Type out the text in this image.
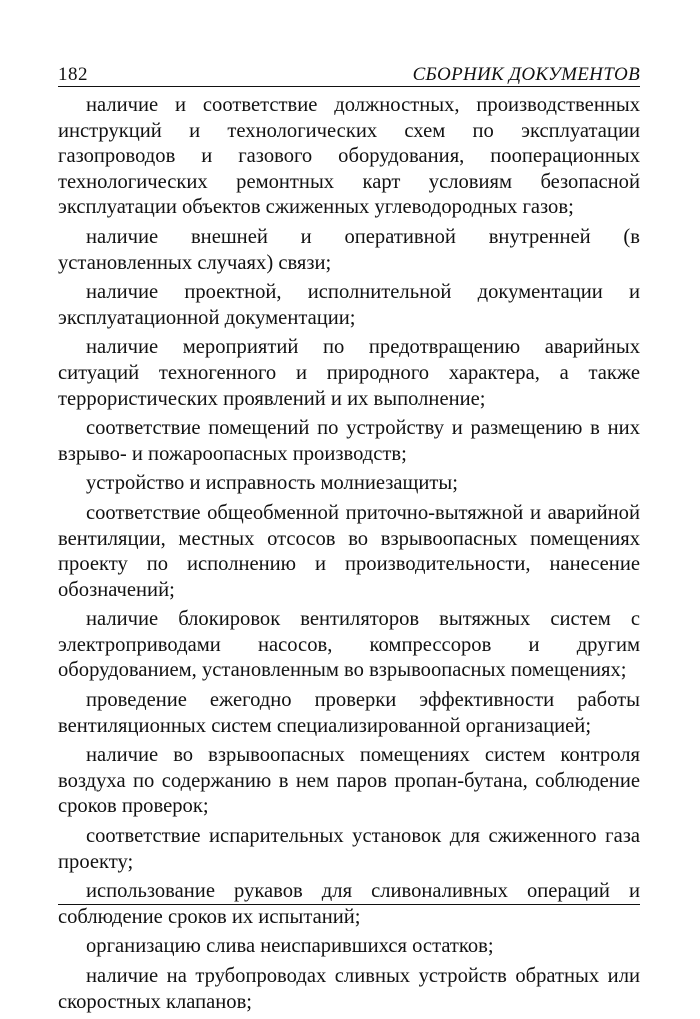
182	СБОРНИК ДОКУМЕНТОВ

наличие и соответствие должностных, производственных инструкций и технологических схем по эксплуатации газопроводов и газового оборудования, пооперационных технологических ремонтных карт условиям безопасной эксплуатации объектов сжиженных углеводородных газов;

наличие внешней и оперативной внутренней (в установленных случаях) связи;

наличие проектной, исполнительной документации и эксплуатационной документации;

наличие мероприятий по предотвращению аварийных ситуаций техногенного и природного характера, а также террористических проявлений и их выполнение;

соответствие помещений по устройству и размещению в них взрыво- и пожароопасных производств;

устройство и исправность молниезащиты;

соответствие общеобменной приточно-вытяжной и аварийной вентиляции, местных отсосов во взрывоопасных помещениях проекту по исполнению и производительности, нанесение обозначений;

наличие блокировок вентиляторов вытяжных систем с электроприводами насосов, компрессоров и другим оборудованием, установленным во взрывоопасных помещениях;

проведение ежегодно проверки эффективности работы вентиляционных систем специализированной организацией;

наличие во взрывоопасных помещениях систем контроля воздуха по содержанию в нем паров пропан-бутана, соблюдение сроков проверок;

соответствие испарительных установок для сжиженного газа проекту;

использование рукавов для сливоналивных операций и соблюдение сроков их испытаний;

организацию слива неиспарившихся остатков;

наличие на трубопроводах сливных устройств обратных или скоростных клапанов;
